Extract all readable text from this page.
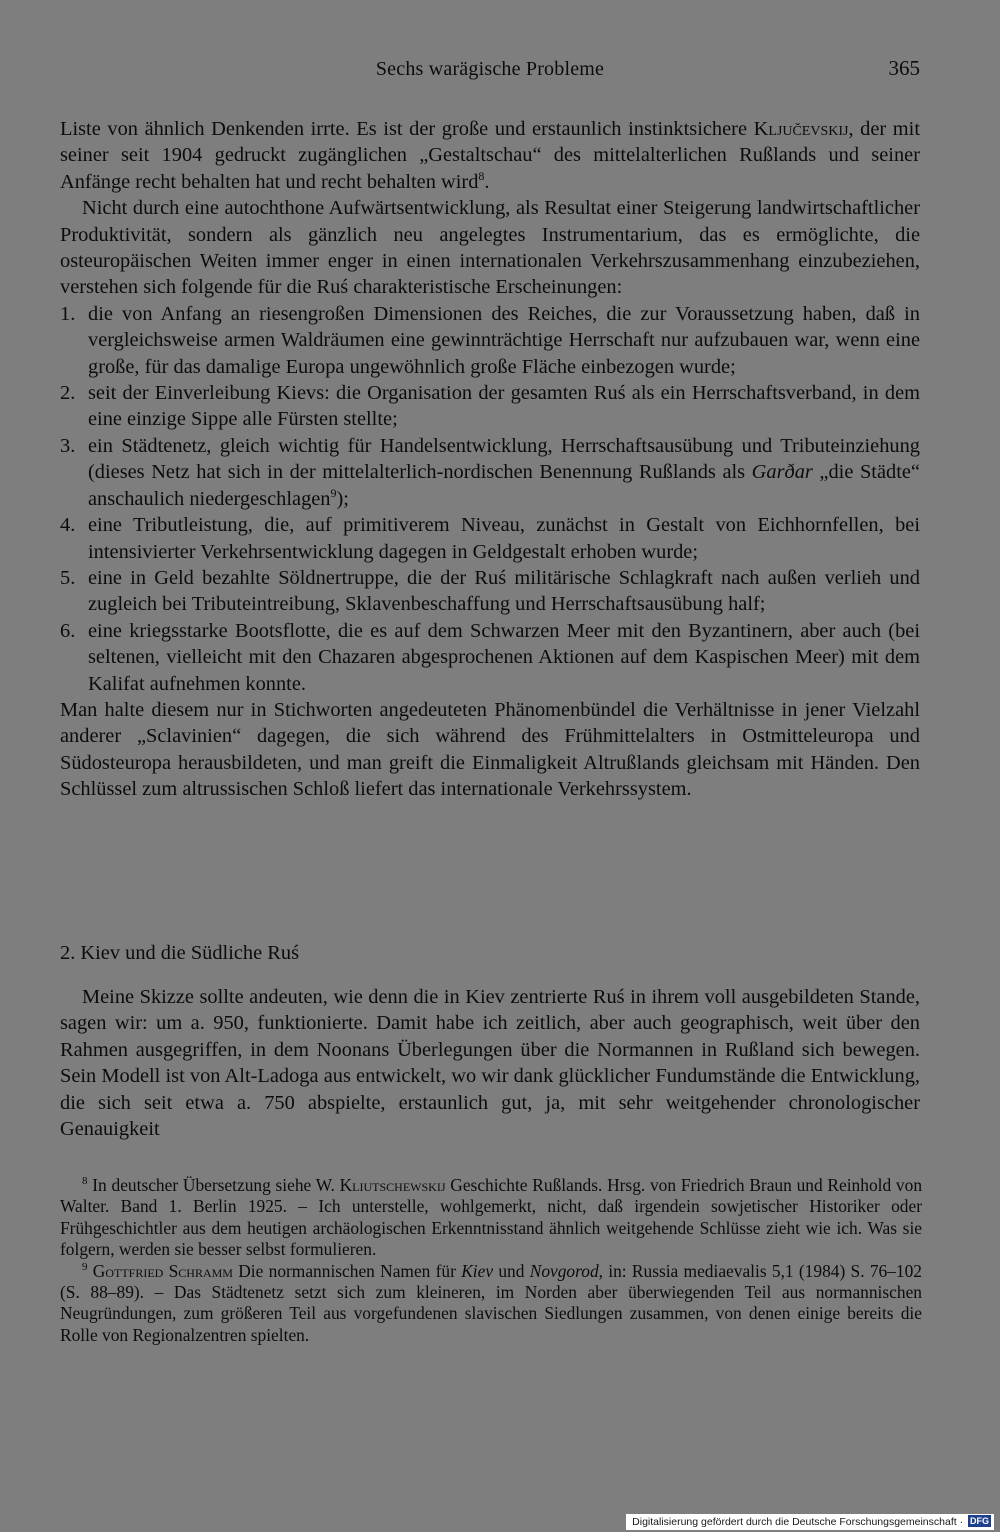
Sechs warägische Probleme	365

Liste von ähnlich Denkenden irrte. Es ist der große und erstaunlich instinktsichere Ključevskij, der mit seiner seit 1904 gedruckt zugänglichen „Gestaltschau“ des mittelalterlichen Rußlands und seiner Anfänge recht behalten hat und recht behalten wird$^8$.

Nicht durch eine autochthone Aufwärtsentwicklung, als Resultat einer Steigerung landwirtschaftlicher Produktivität, sondern als gänzlich neu angelegtes Instrumentarium, das es ermöglichte, die osteuropäischen Weiten immer enger in einen internationalen Verkehrszusammenhang einzubeziehen, verstehen sich folgende für die Ruś charakteristische Erscheinungen:

1. die von Anfang an riesengroßen Dimensionen des Reiches, die zur Voraussetzung haben, daß in vergleichsweise armen Waldräumen eine gewinnträchtige Herrschaft nur aufzubauen war, wenn eine große, für das damalige Europa ungewöhnlich große Fläche einbezogen wurde;
2. seit der Einverleibung Kievs: die Organisation der gesamten Ruś als ein Herrschaftsverband, in dem eine einzige Sippe alle Fürsten stellte;
3. ein Städtenetz, gleich wichtig für Handelsentwicklung, Herrschaftsausübung und Tributeinziehung (dieses Netz hat sich in der mittelalterlich-nordischen Benennung Rußlands als Garðar „die Städte“ anschaulich niedergeschlagen$^9$);
4. eine Tributleistung, die, auf primitiverem Niveau, zunächst in Gestalt von Eichhornfellen, bei intensivierter Verkehrsentwicklung dagegen in Geldgestalt erhoben wurde;
5. eine in Geld bezahlte Söldnertruppe, die der Ruś militärische Schlagkraft nach außen verlieh und zugleich bei Tributeintreibung, Sklavenbeschaffung und Herrschaftsausübung half;
6. eine kriegsstarke Bootsflotte, die es auf dem Schwarzen Meer mit den Byzantinern, aber auch (bei seltenen, vielleicht mit den Chazaren abgesprochenen Aktionen auf dem Kaspischen Meer) mit dem Kalifat aufnehmen konnte.

Man halte diesem nur in Stichworten angedeuteten Phänomenbündel die Verhältnisse in jener Vielzahl anderer „Sclavinien“ dagegen, die sich während des Frühmittelalters in Ostmitteleuropa und Südosteuropa herausbildeten, und man greift die Einmaligkeit Altrußlands gleichsam mit Händen. Den Schlüssel zum altrussischen Schloß liefert das internationale Verkehrssystem.

2. Kiev und die Südliche Ruś

Meine Skizze sollte andeuten, wie denn die in Kiev zentrierte Ruś in ihrem voll ausgebildeten Stande, sagen wir: um a. 950, funktionierte. Damit habe ich zeitlich, aber auch geographisch, weit über den Rahmen ausgegriffen, in dem Noonans Überlegungen über die Normannen in Rußland sich bewegen. Sein Modell ist von Alt-Ladoga aus entwickelt, wo wir dank glücklicher Fundumstände die Entwicklung, die sich seit etwa a. 750 abspielte, erstaunlich gut, ja, mit sehr weitgehender chronologischer Genauigkeit

$^8$ In deutscher Übersetzung siehe W. Kliutschewskij Geschichte Rußlands. Hrsg. von Friedrich Braun und Reinhold von Walter. Band 1. Berlin 1925. – Ich unterstelle, wohlgemerkt, nicht, daß irgendein sowjetischer Historiker oder Frühgeschichtler aus dem heutigen archäologischen Erkenntnisstand ähnlich weitgehende Schlüsse zieht wie ich. Was sie folgern, werden sie besser selbst formulieren.

$^9$ Gottfried Schramm Die normannischen Namen für Kiev und Novgorod, in: Russia mediaevalis 5,1 (1984) S. 76–102 (S. 88–89). – Das Städtenetz setzt sich zum kleineren, im Norden aber überwiegenden Teil aus normannischen Neugründungen, zum größeren Teil aus vorgefundenen slavischen Siedlungen zusammen, von denen einige bereits die Rolle von Regionalzentren spielten.

Digitalisierung gefördert durch die Deutsche Forschungsgemeinschaft · DFG
